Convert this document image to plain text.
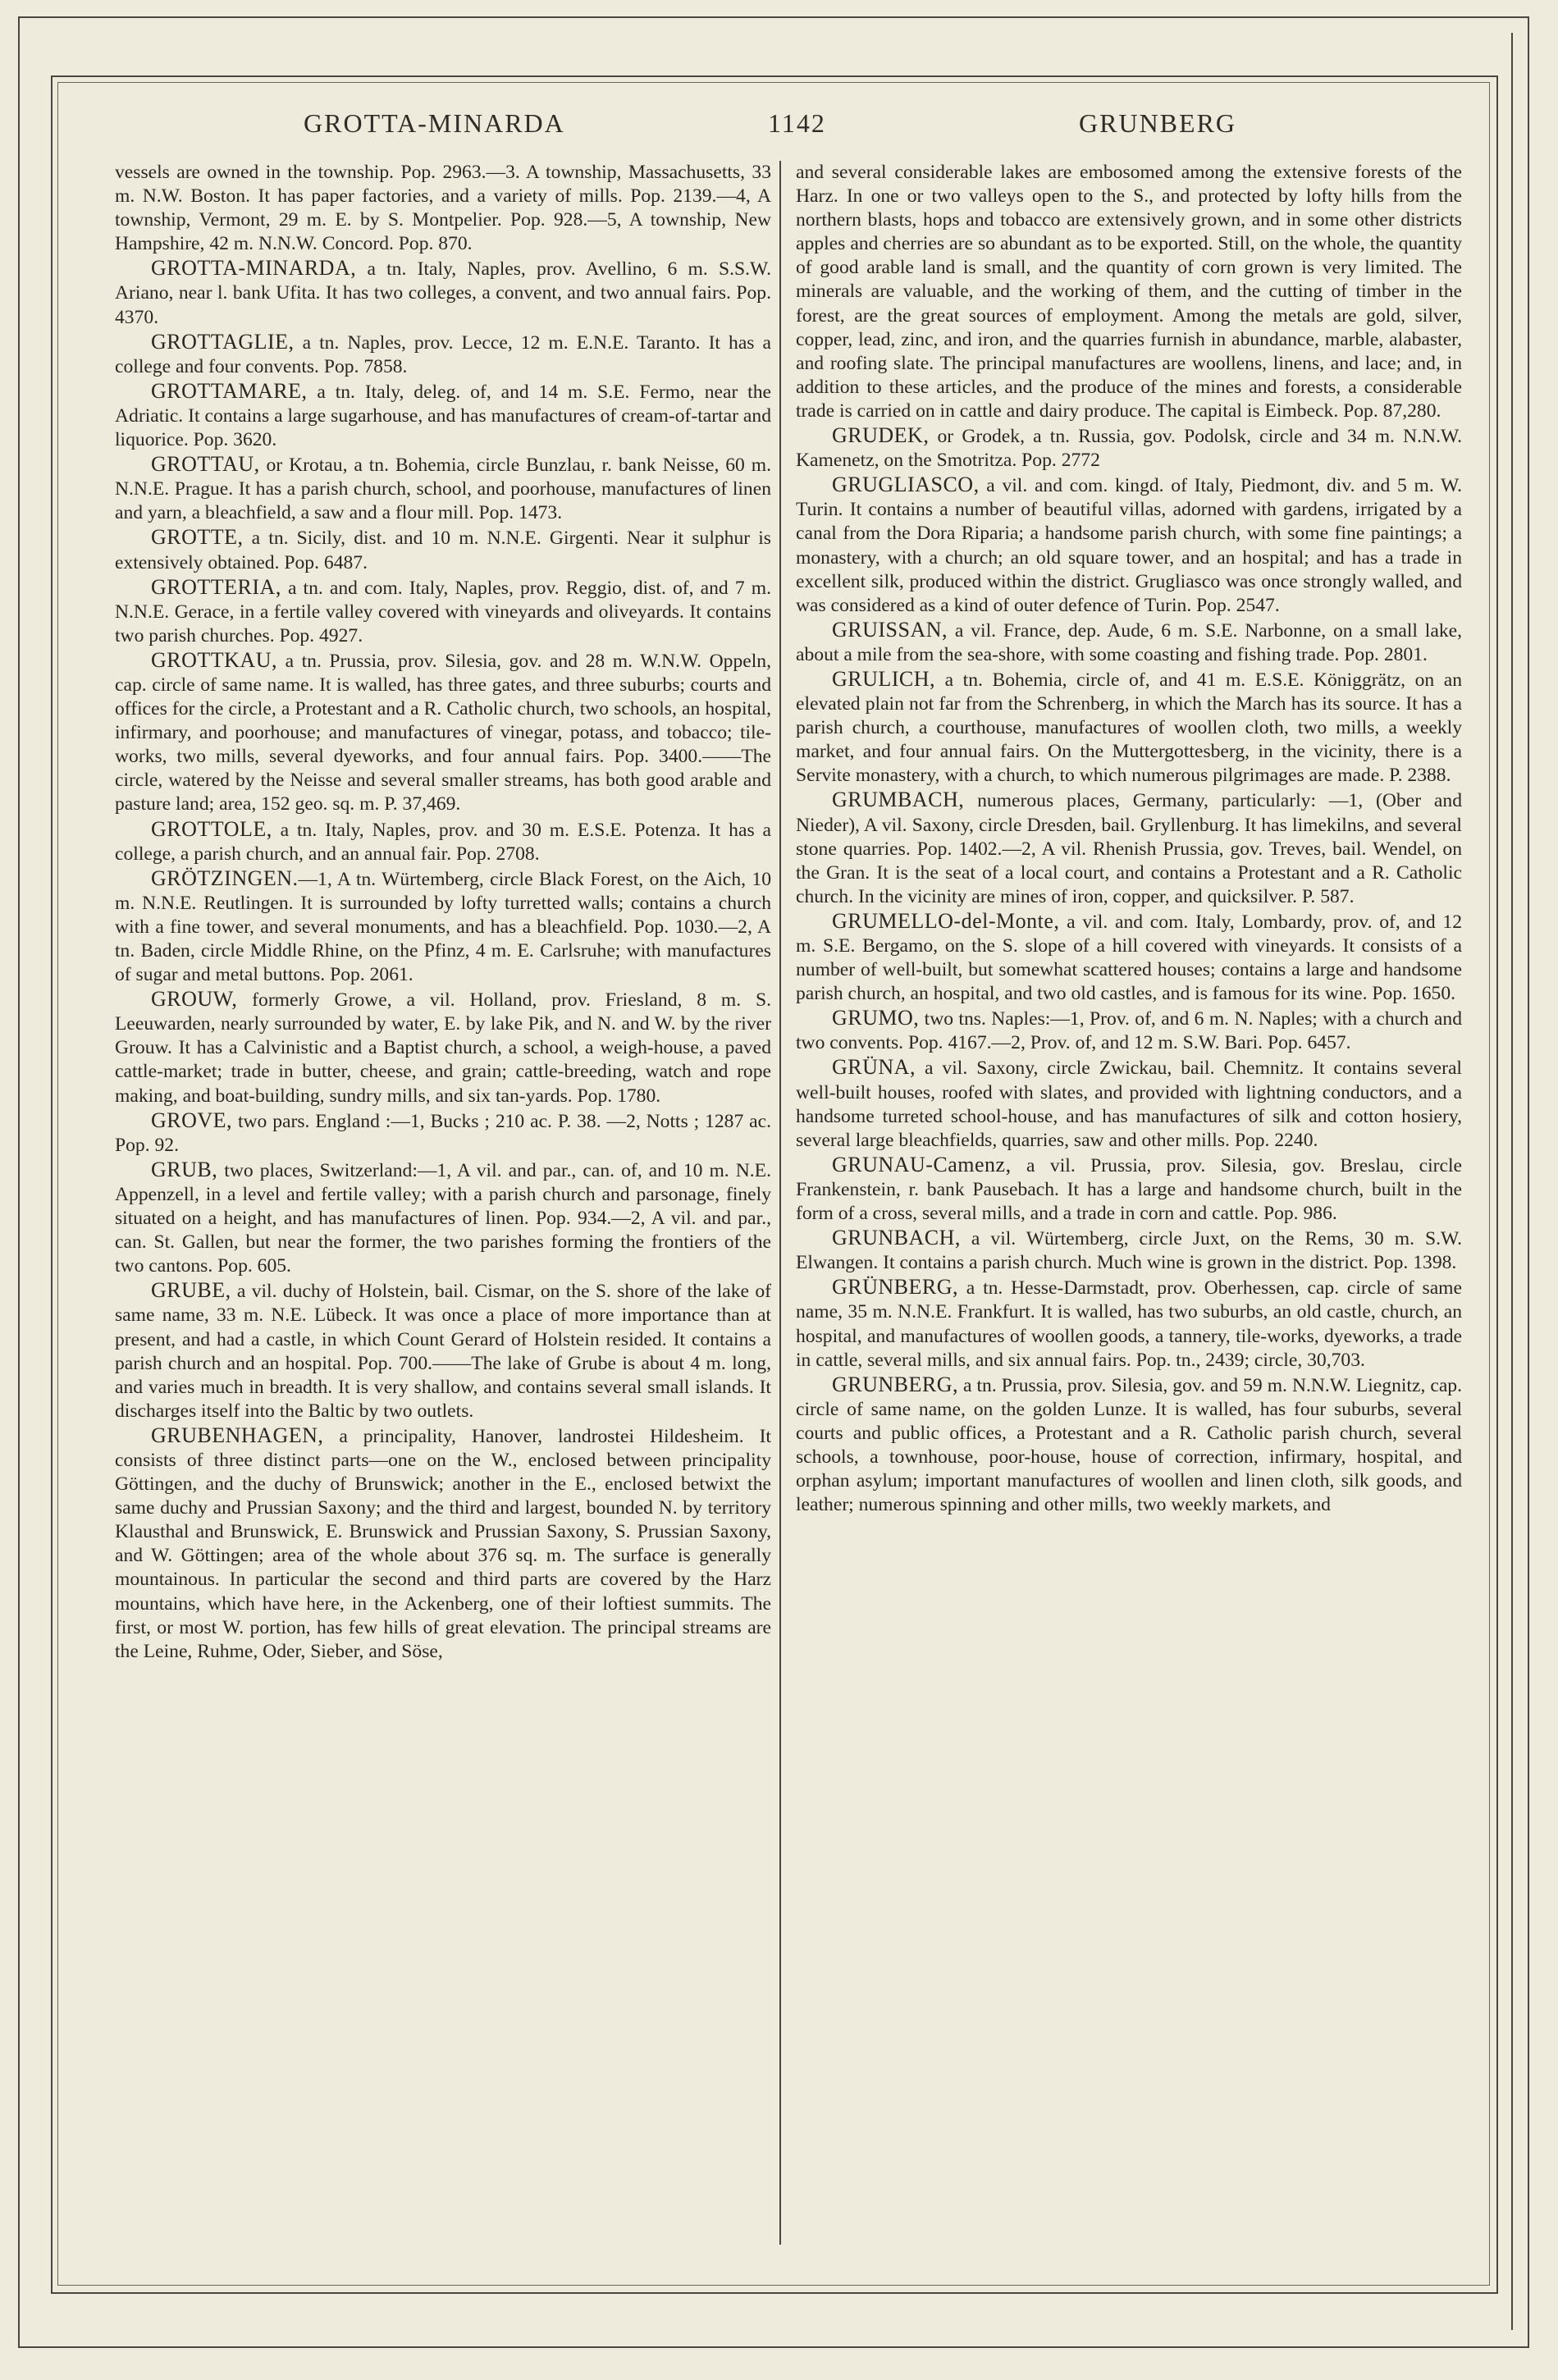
GROTTA-MINARDA	1142	GRUNBERG

vessels are owned in the township. Pop. 2963.—3. A township, Massachusetts, 33 m. N.W. Boston. It has paper factories, and a variety of mills. Pop. 2139.—4, A township, Vermont, 29 m. E. by S. Montpelier. Pop. 928.—5, A township, New Hampshire, 42 m. N.N.W. Concord. Pop. 870.

GROTTA-MINARDA, a tn. Italy, Naples, prov. Avellino, 6 m. S.S.W. Ariano, near l. bank Ufita. It has two colleges, a convent, and two annual fairs. Pop. 4370.

GROTTAGLIE, a tn. Naples, prov. Lecce, 12 m. E.N.E. Taranto. It has a college and four convents. Pop. 7858.

GROTTAMARE, a tn. Italy, deleg. of, and 14 m. S.E. Fermo, near the Adriatic. It contains a large sugarhouse, and has manufactures of cream-of-tartar and liquorice. Pop. 3620.

GROTTAU, or Krotau, a tn. Bohemia, circle Bunzlau, r. bank Neisse, 60 m. N.N.E. Prague. It has a parish church, school, and poorhouse, manufactures of linen and yarn, a bleachfield, a saw and a flour mill. Pop. 1473.

GROTTE, a tn. Sicily, dist. and 10 m. N.N.E. Girgenti. Near it sulphur is extensively obtained. Pop. 6487.

GROTTERIA, a tn. and com. Italy, Naples, prov. Reggio, dist. of, and 7 m. N.N.E. Gerace, in a fertile valley covered with vineyards and oliveyards. It contains two parish churches. Pop. 4927.

GROTTKAU, a tn. Prussia, prov. Silesia, gov. and 28 m. W.N.W. Oppeln, cap. circle of same name. It is walled, has three gates, and three suburbs; courts and offices for the circle, a Protestant and a R. Catholic church, two schools, an hospital, infirmary, and poorhouse; and manufactures of vinegar, potass, and tobacco; tile-works, two mills, several dyeworks, and four annual fairs. Pop. 3400.——The circle, watered by the Neisse and several smaller streams, has both good arable and pasture land; area, 152 geo. sq. m. P. 37,469.

GROTTOLE, a tn. Italy, Naples, prov. and 30 m. E.S.E. Potenza. It has a college, a parish church, and an annual fair. Pop. 2708.

GRÖTZINGEN.—1, A tn. Würtemberg, circle Black Forest, on the Aich, 10 m. N.N.E. Reutlingen. It is surrounded by lofty turretted walls; contains a church with a fine tower, and several monuments, and has a bleachfield. Pop. 1030.—2, A tn. Baden, circle Middle Rhine, on the Pfinz, 4 m. E. Carlsruhe; with manufactures of sugar and metal buttons. Pop. 2061.

GROUW, formerly Growe, a vil. Holland, prov. Friesland, 8 m. S. Leeuwarden, nearly surrounded by water, E. by lake Pik, and N. and W. by the river Grouw. It has a Calvinistic and a Baptist church, a school, a weigh-house, a paved cattle-market; trade in butter, cheese, and grain; cattle-breeding, watch and rope making, and boat-building, sundry mills, and six tan-yards. Pop. 1780.

GROVE, two pars. England :—1, Bucks ; 210 ac. P. 38. —2, Notts ; 1287 ac. Pop. 92.

GRUB, two places, Switzerland:—1, A vil. and par., can. of, and 10 m. N.E. Appenzell, in a level and fertile valley; with a parish church and parsonage, finely situated on a height, and has manufactures of linen. Pop. 934.—2, A vil. and par., can. St. Gallen, but near the former, the two parishes forming the frontiers of the two cantons. Pop. 605.

GRUBE, a vil. duchy of Holstein, bail. Cismar, on the S. shore of the lake of same name, 33 m. N.E. Lübeck. It was once a place of more importance than at present, and had a castle, in which Count Gerard of Holstein resided. It contains a parish church and an hospital. Pop. 700.——The lake of Grube is about 4 m. long, and varies much in breadth. It is very shallow, and contains several small islands. It discharges itself into the Baltic by two outlets.

GRUBENHAGEN, a principality, Hanover, landrostei Hildesheim. It consists of three distinct parts—one on the W., enclosed between principality Göttingen, and the duchy of Brunswick; another in the E., enclosed betwixt the same duchy and Prussian Saxony; and the third and largest, bounded N. by territory Klausthal and Brunswick, E. Brunswick and Prussian Saxony, S. Prussian Saxony, and W. Göttingen; area of the whole about 376 sq. m. The surface is generally mountainous. In particular the second and third parts are covered by the Harz mountains, which have here, in the Ackenberg, one of their loftiest summits. The first, or most W. portion, has few hills of great elevation. The principal streams are the Leine, Ruhme, Oder, Sieber, and Söse,

and several considerable lakes are embosomed among the extensive forests of the Harz. In one or two valleys open to the S., and protected by lofty hills from the northern blasts, hops and tobacco are extensively grown, and in some other districts apples and cherries are so abundant as to be exported. Still, on the whole, the quantity of good arable land is small, and the quantity of corn grown is very limited. The minerals are valuable, and the working of them, and the cutting of timber in the forest, are the great sources of employment. Among the metals are gold, silver, copper, lead, zinc, and iron, and the quarries furnish in abundance, marble, alabaster, and roofing slate. The principal manufactures are woollens, linens, and lace; and, in addition to these articles, and the produce of the mines and forests, a considerable trade is carried on in cattle and dairy produce. The capital is Eimbeck. Pop. 87,280.

GRUDEK, or Grodek, a tn. Russia, gov. Podolsk, circle and 34 m. N.N.W. Kamenetz, on the Smotritza. Pop. 2772

GRUGLIASCO, a vil. and com. kingd. of Italy, Piedmont, div. and 5 m. W. Turin. It contains a number of beautiful villas, adorned with gardens, irrigated by a canal from the Dora Riparia; a handsome parish church, with some fine paintings; a monastery, with a church; an old square tower, and an hospital; and has a trade in excellent silk, produced within the district. Grugliasco was once strongly walled, and was considered as a kind of outer defence of Turin. Pop. 2547.

GRUISSAN, a vil. France, dep. Aude, 6 m. S.E. Narbonne, on a small lake, about a mile from the sea-shore, with some coasting and fishing trade. Pop. 2801.

GRULICH, a tn. Bohemia, circle of, and 41 m. E.S.E. Königgrätz, on an elevated plain not far from the Schrenberg, in which the March has its source. It has a parish church, a courthouse, manufactures of woollen cloth, two mills, a weekly market, and four annual fairs. On the Muttergottesberg, in the vicinity, there is a Servite monastery, with a church, to which numerous pilgrimages are made. P. 2388.

GRUMBACH, numerous places, Germany, particularly: —1, (Ober and Nieder), A vil. Saxony, circle Dresden, bail. Gryllenburg. It has limekilns, and several stone quarries. Pop. 1402.—2, A vil. Rhenish Prussia, gov. Treves, bail. Wendel, on the Gran. It is the seat of a local court, and contains a Protestant and a R. Catholic church. In the vicinity are mines of iron, copper, and quicksilver. P. 587.

GRUMELLO-del-Monte, a vil. and com. Italy, Lombardy, prov. of, and 12 m. S.E. Bergamo, on the S. slope of a hill covered with vineyards. It consists of a number of well-built, but somewhat scattered houses; contains a large and handsome parish church, an hospital, and two old castles, and is famous for its wine. Pop. 1650.

GRUMO, two tns. Naples:—1, Prov. of, and 6 m. N. Naples; with a church and two convents. Pop. 4167.—2, Prov. of, and 12 m. S.W. Bari. Pop. 6457.

GRÜNA, a vil. Saxony, circle Zwickau, bail. Chemnitz. It contains several well-built houses, roofed with slates, and provided with lightning conductors, and a handsome turreted school-house, and has manufactures of silk and cotton hosiery, several large bleachfields, quarries, saw and other mills. Pop. 2240.

GRUNAU-Camenz, a vil. Prussia, prov. Silesia, gov. Breslau, circle Frankenstein, r. bank Pausebach. It has a large and handsome church, built in the form of a cross, several mills, and a trade in corn and cattle. Pop. 986.

GRUNBACH, a vil. Würtemberg, circle Juxt, on the Rems, 30 m. S.W. Elwangen. It contains a parish church. Much wine is grown in the district. Pop. 1398.

GRÜNBERG, a tn. Hesse-Darmstadt, prov. Oberhessen, cap. circle of same name, 35 m. N.N.E. Frankfurt. It is walled, has two suburbs, an old castle, church, an hospital, and manufactures of woollen goods, a tannery, tile-works, dyeworks, a trade in cattle, several mills, and six annual fairs. Pop. tn., 2439; circle, 30,703.

GRUNBERG, a tn. Prussia, prov. Silesia, gov. and 59 m. N.N.W. Liegnitz, cap. circle of same name, on the golden Lunze. It is walled, has four suburbs, several courts and public offices, a Protestant and a R. Catholic parish church, several schools, a townhouse, poor-house, house of correction, infirmary, hospital, and orphan asylum; important manufactures of woollen and linen cloth, silk goods, and leather; numerous spinning and other mills, two weekly markets, and
